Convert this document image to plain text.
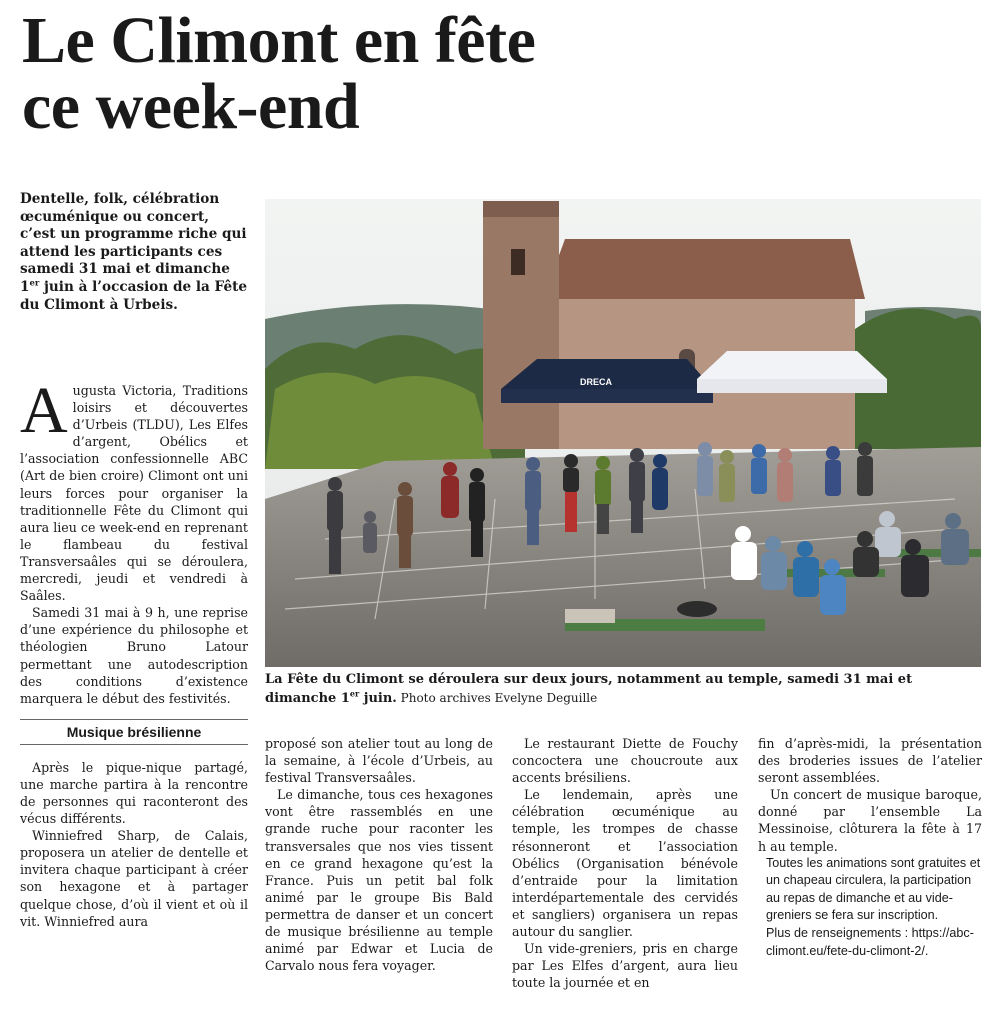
Le Climont en fête
ce week-end
Dentelle, folk, célébration œcuménique ou concert, c’est un programme riche qui attend les participants ces samedi 31 mai et dimanche 1er juin à l’occasion de la Fête du Climont à Urbeis.
DRECA
La Fête du Climont se déroulera sur deux jours, notamment au temple, samedi 31 mai et dimanche 1er juin. Photo archives Evelyne Deguille

Augusta Victoria, Traditions loisirs et découvertes d’Urbeis (TLDU), Les Elfes d’argent, Obélics et l’association confessionnelle ABC (Art de bien croire) Climont ont uni leurs forces pour organiser la traditionnelle Fête du Climont qui aura lieu ce week-end en reprenant le flambeau du festival Transversaâles qui se déroulera, mercredi, jeudi et vendredi à Saâles.

Samedi 31 mai à 9 h, une reprise d’une expérience du philosophe et théologien Bruno Latour permettant une autodescription des conditions d’existence marquera le début des festivités.

Musique brésilienne

Après le pique-nique partagé, une marche partira à la rencontre de personnes qui raconteront des vécus différents.

Winniefred Sharp, de Calais, proposera un atelier de dentelle et invitera chaque participant à créer son hexagone et à partager quelque chose, d’où il vient et où il vit. Winniefred aura

proposé son atelier tout au long de la semaine, à l’école d’Urbeis, au festival Transversaâles.

Le dimanche, tous ces hexagones vont être rassemblés en une grande ruche pour raconter les transversales que nos vies tissent en ce grand hexagone qu’est la France. Puis un petit bal folk animé par le groupe Bis Bald permettra de danser et un concert de musique brésilienne au temple animé par Edwar et Lucia de Carvalo nous fera voyager.

Le restaurant Diette de Fouchy concoctera une choucroute aux accents brésiliens.

Le lendemain, après une célébration œcuménique au temple, les trompes de chasse résonneront et l’association Obélics (Organisation bénévole d’entraide pour la limitation interdépartementale des cervidés et sangliers) organisera un repas autour du sanglier.

Un vide-greniers, pris en charge par Les Elfes d’argent, aura lieu toute la journée et en

fin d’après-midi, la présentation des broderies issues de l’atelier seront assemblées.

Un concert de musique baroque, donné par l’ensemble La Messinoise, clôturera la fête à 17 h au temple.

Toutes les animations sont gratuites et un chapeau circulera, la participation au repas de dimanche et au vide-greniers se fera sur inscription.

Plus de renseignements : https://abc-climont.eu/fete-du-climont-2/.
